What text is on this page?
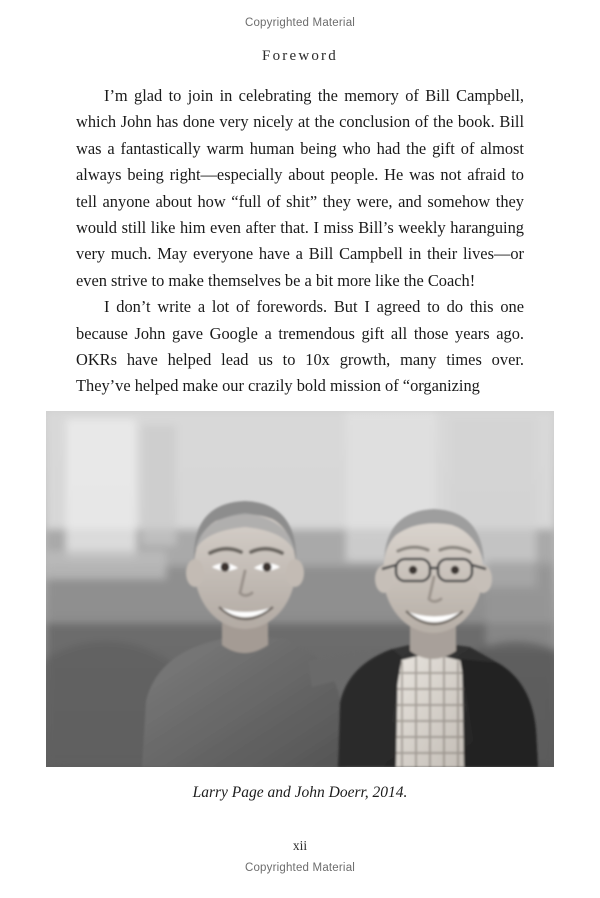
Copyrighted Material
Foreword

I’m glad to join in celebrating the memory of Bill Campbell, which John has done very nicely at the conclusion of the book. Bill was a fantastically warm human being who had the gift of almost always being right—especially about people. He was not afraid to tell anyone about how “full of shit” they were, and somehow they would still like him even after that. I miss Bill’s weekly haranguing very much. May everyone have a Bill Campbell in their lives—or even strive to make themselves be a bit more like the Coach!

I don’t write a lot of forewords. But I agreed to do this one because John gave Google a tremendous gift all those years ago. OKRs have helped lead us to 10x growth, many times over. They’ve helped make our crazily bold mission of “organizing

Larry Page and John Doerr, 2014.
xii
Copyrighted Material
